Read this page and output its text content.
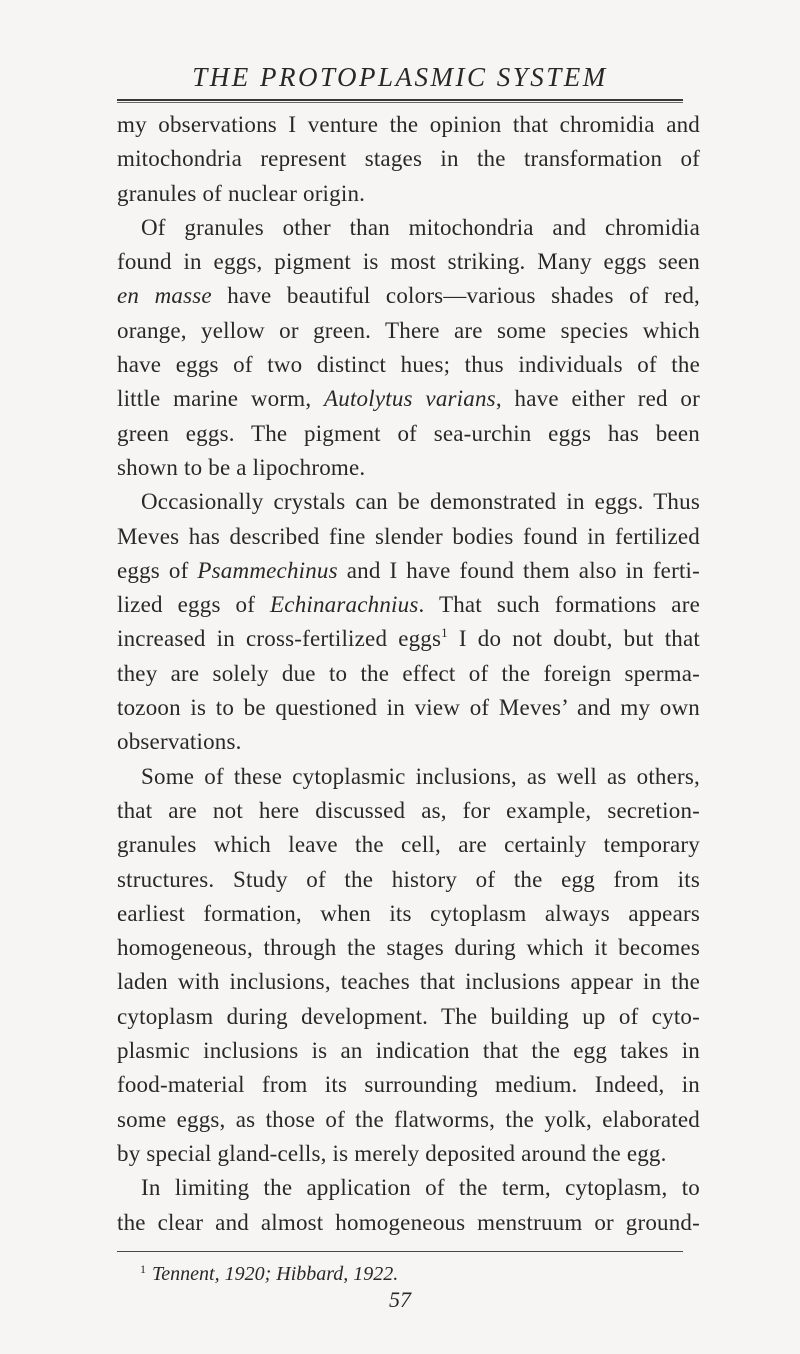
THE PROTOPLASMIC SYSTEM
my observations I venture the opinion that chromidia and
mitochondria represent stages in the transformation of
granules of nuclear origin.
Of granules other than mitochondria and chromidia
found in eggs, pigment is most striking. Many eggs seen
en masse have beautiful colors—various shades of red,
orange, yellow or green. There are some species which
have eggs of two distinct hues; thus individuals of the
little marine worm, Autolytus varians, have either red or
green eggs. The pigment of sea-urchin eggs has been
shown to be a lipochrome.
Occasionally crystals can be demonstrated in eggs. Thus
Meves has described fine slender bodies found in fertilized
eggs of Psammechinus and I have found them also in ferti-
lized eggs of Echinarachnius. That such formations are
increased in cross-fertilized eggs$^1$ I do not doubt, but that
they are solely due to the effect of the foreign sperma-
tozoon is to be questioned in view of Meves’ and my own
observations.
Some of these cytoplasmic inclusions, as well as others,
that are not here discussed as, for example, secretion-
granules which leave the cell, are certainly temporary
structures. Study of the history of the egg from its
earliest formation, when its cytoplasm always appears
homogeneous, through the stages during which it becomes
laden with inclusions, teaches that inclusions appear in the
cytoplasm during development. The building up of cyto-
plasmic inclusions is an indication that the egg takes in
food-material from its surrounding medium. Indeed, in
some eggs, as those of the flatworms, the yolk, elaborated
by special gland-cells, is merely deposited around the egg.
In limiting the application of the term, cytoplasm, to
the clear and almost homogeneous menstruum or ground-
$^1$ Tennent, 1920; Hibbard, 1922.
57
